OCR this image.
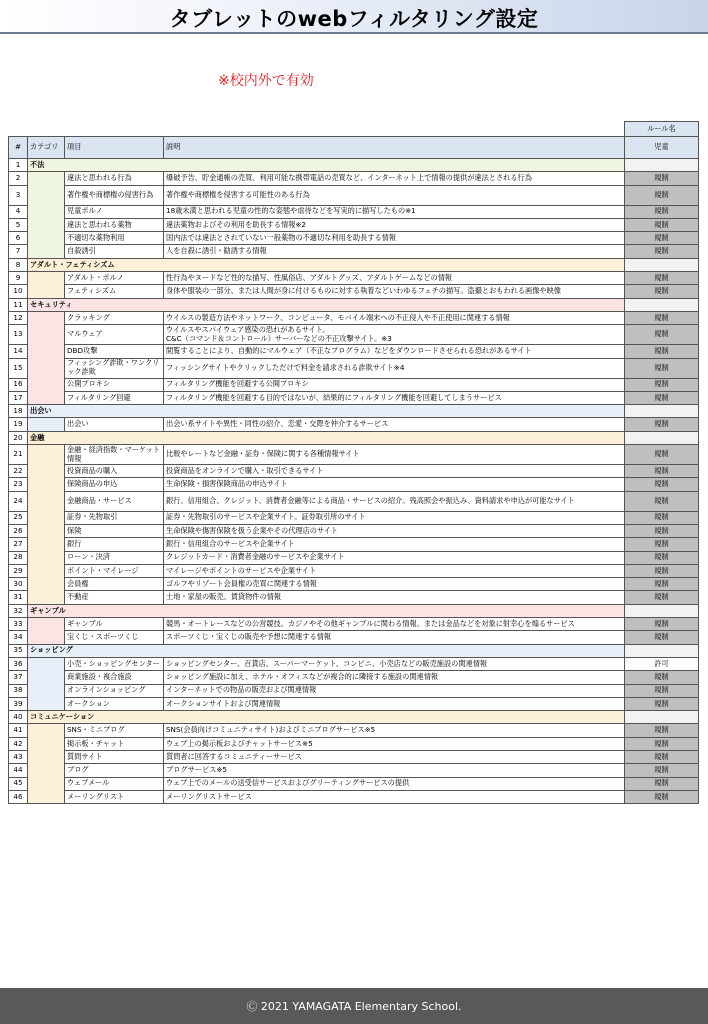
タブレットのwebフィルタリング設定
※校内外で有効
				ルール名
#	カテゴリ	項目	説明	児童
1	不法			
2		違法と思われる行為	爆破予告、貯金通帳の売買、利用可能な携帯電話の売買など、インターネット上で情報の提供が違法とされる行為	規制
3		著作権や商標権の侵害行為	著作権や商標権を侵害する可能性のある行為	規制
4		児童ポルノ	18歳未満と思われる児童の性的な姿態や虐待などを写実的に描写したもの※1	規制
5		違法と思われる薬物	違法薬物およびその利用を助長する情報※2	規制
6		不適切な薬物利用	国内法では違法とされていない一般薬物の不適切な利用を助長する情報	規制
7		自殺誘引	人を自殺に誘引・勧誘する情報	規制
8	アダルト・フェティシズム			
9		アダルト・ポルノ	性行為やヌードなど性的な描写、性風俗店、アダルトグッズ、アダルトゲームなどの情報	規制
10		フェティシズム	身体や服装の一部分、または人間が身に付けるものに対する執着などいわゆるフェチの描写。盗撮とおもわれる画像や映像	規制
11	セキュリティ			
12		クラッキング	ウイルスの製造方法やネットワーク、コンピュータ、モバイル端末への不正侵入や不正使用に関連する情報	規制
13		マルウェア	ウイルスやスパイウェア感染の恐れがあるサイト。
C&C（コマンド＆コントロール）サーバーなどの不正攻撃サイト。※3	規制
14		DBD攻撃	閲覧することにより、自動的にマルウェア（不正なプログラム）などをダウンロードさせられる恐れがあるサイト	規制
15		フィッシング詐欺・ワンクリック詐欺	フィッシングサイトやクリックしただけで料金を請求される詐欺サイト※4	規制
16		公開プロキシ	フィルタリング機能を回避する公開プロキシ	規制
17		フィルタリング回避	フィルタリング機能を回避する目的ではないが、結果的にフィルタリング機能を回避してしまうサービス	規制
18	出会い			
19		出会い	出会い系サイトや異性・同性の紹介、恋愛・交際を仲介するサービス	規制
20	金融			
21		金融・経済指数・マーケット情報	比較やレートなど金融・証券・保険に関する各種情報サイト	規制
22		投資商品の購入	投資商品をオンラインで購入・取引できるサイト	規制
23		保険商品の申込	生命保険・損害保険商品の申込サイト	規制
24		金融商品・サービス	銀行、信用組合、クレジット、消費者金融等による商品・サービスの紹介。残高照会や振込み、資料請求や申込が可能なサイト	規制
25		証券・先物取引	証券・先物取引のサービスや企業サイト。証券取引所のサイト	規制
26		保険	生命保険や傷害保険を扱う企業やその代理店のサイト	規制
27		銀行	銀行・信用組合のサービスや企業サイト	規制
28		ローン・決済	クレジットカード・消費者金融のサービスや企業サイト	規制
29		ポイント・マイレージ	マイレージやポイントのサービスや企業サイト	規制
30		会員権	ゴルフやリゾート会員権の売買に関連する情報	規制
31		不動産	土地・家屋の販売、賃貸物件の情報	規制
32	ギャンブル			
33		ギャンブル	競馬・オートレースなどの公営競技。カジノやその他ギャンブルに関わる情報。または金品などを対象に射幸心を煽るサービス	規制
34		宝くじ・スポーツくじ	スポーツくじ・宝くじの販売や予想に関連する情報	規制
35	ショッピング			
36		小売・ショッピングセンター	ショッピングセンター、百貨店、スーパーマーケット、コンビニ、小売店などの販売施設の関連情報	許可
37		商業施設・複合施設	ショッピング施設に加え、ホテル・オフィスなどが複合的に隣接する施設の関連情報	規制
38		オンラインショッピング	インターネットでの物品の販売および関連情報	規制
39		オークション	オークションサイトおよび関連情報	規制
40	コミュニケーション			
41		SNS・ミニブログ	SNS(会員向けコミュニティサイト)およびミニブログサービス※5	規制
42		掲示板・チャット	ウェブ上の掲示板およびチャットサービス※5	規制
43		質問サイト	質問者に回答するコミュニティーサービス	規制
44		ブログ	ブログサービス※5	規制
45		ウェブメール	ウェブ上でのメールの送受信サービスおよびグリーティングサービスの提供	規制
46		メーリングリスト	メーリングリストサービス	規制
Ⓒ 2021 YAMAGATA Elementary School.
